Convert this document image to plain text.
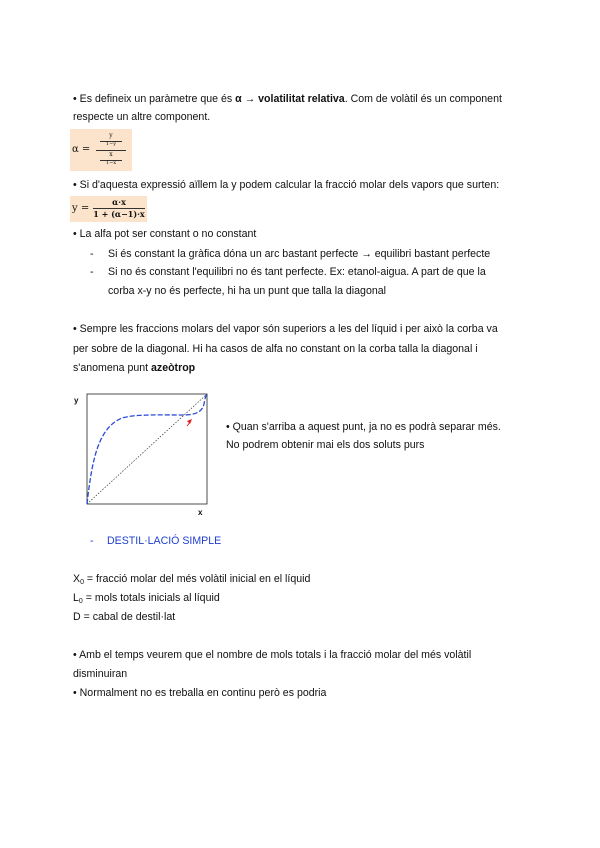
• Es defineix un paràmetre que és α → volatilitat relativa. Com de volàtil és un component
respecte un altre component.
α =
y
1−y
x
1−x
• Si d'aquesta expressió aïllem la y podem calcular la fracció molar dels vapors que surten:
y =
α·x
1 + (α−1)·x
• La alfa pot ser constant o no constant
- Si és constant la gràfica dóna un arc bastant perfecte → equilibri bastant perfecte
- Si no és constant l'equilibri no és tant perfecte. Ex: etanol-aigua. A part de que la
corba x-y no és perfecte, hi ha un punt que talla la diagonal
• Sempre les fraccions molars del vapor són superiors a les del líquid i per això la corba va
per sobre de la diagonal. Hi ha casos de alfa no constant on la corba talla la diagonal i
s'anomena punt azeòtrop
y
x
• Quan s'arriba a aquest punt, ja no es podrà separar més.
No podrem obtenir mai els dos soluts purs
- DESTIL·LACIÓ SIMPLE
$X_0$ = fracció molar del més volàtil inicial en el líquid
$L_0$ = mols totals inicials al líquid
D = cabal de destil·lat
• Amb el temps veurem que el nombre de mols totals i la fracció molar del més volàtil
disminuiran
• Normalment no es treballa en continu però es podria
